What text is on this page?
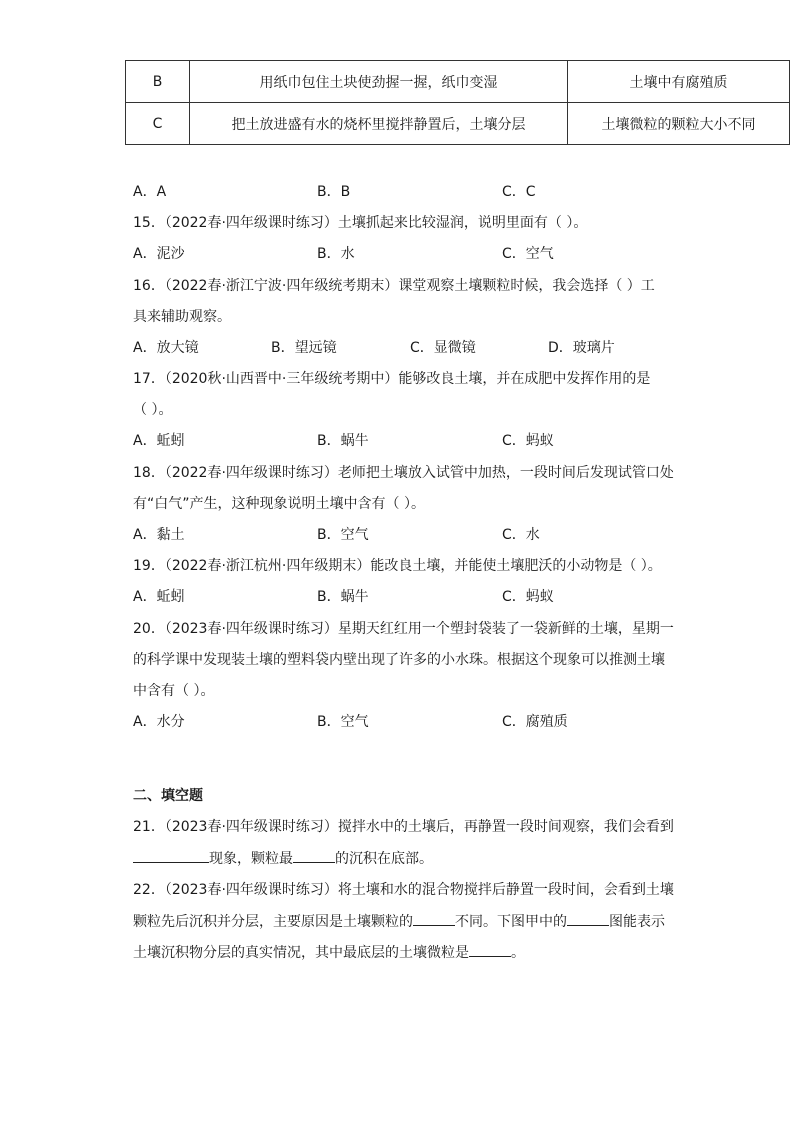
B	用纸巾包住土块使劲握一握，纸巾变湿	土壤中有腐殖质
C	把土放进盛有水的烧杯里搅拌静置后，土壤分层	土壤微粒的颗粒大小不同
A．A	B．B	C．C
15．（2022春·四年级课时练习）土壤抓起来比较湿润，说明里面有（ ）。
A．泥沙	B．水	C．空气
16．（2022春·浙江宁波·四年级统考期末）课堂观察土壤颗粒时候，我会选择（ ）工
具来辅助观察。
A．放大镜	B．望远镜	C．显微镜	D．玻璃片
17．（2020秋·山西晋中·三年级统考期中）能够改良土壤，并在成肥中发挥作用的是
（ ）。
A．蚯蚓	B．蜗牛	C．蚂蚁
18．（2022春·四年级课时练习）老师把土壤放入试管中加热，一段时间后发现试管口处
有“白气”产生，这种现象说明土壤中含有（ ）。
A．黏土	B．空气	C．水
19．（2022春·浙江杭州·四年级期末）能改良土壤，并能使土壤肥沃的小动物是（ ）。
A．蚯蚓	B．蜗牛	C．蚂蚁
20．（2023春·四年级课时练习）星期天红红用一个塑封袋装了一袋新鲜的土壤，星期一
的科学课中发现装土壤的塑料袋内壁出现了许多的小水珠。根据这个现象可以推测土壤
中含有（ ）。
A．水分	B．空气	C．腐殖质
二、填空题
21．（2023春·四年级课时练习）搅拌水中的土壤后，再静置一段时间观察，我们会看到
现象，颗粒最	的沉积在底部。
22．（2023春·四年级课时练习）将土壤和水的混合物搅拌后静置一段时间，会看到土壤
颗粒先后沉积并分层，主要原因是土壤颗粒的	不同。下图甲中的	图能表示
土壤沉积物分层的真实情况，其中最底层的土壤微粒是	。
